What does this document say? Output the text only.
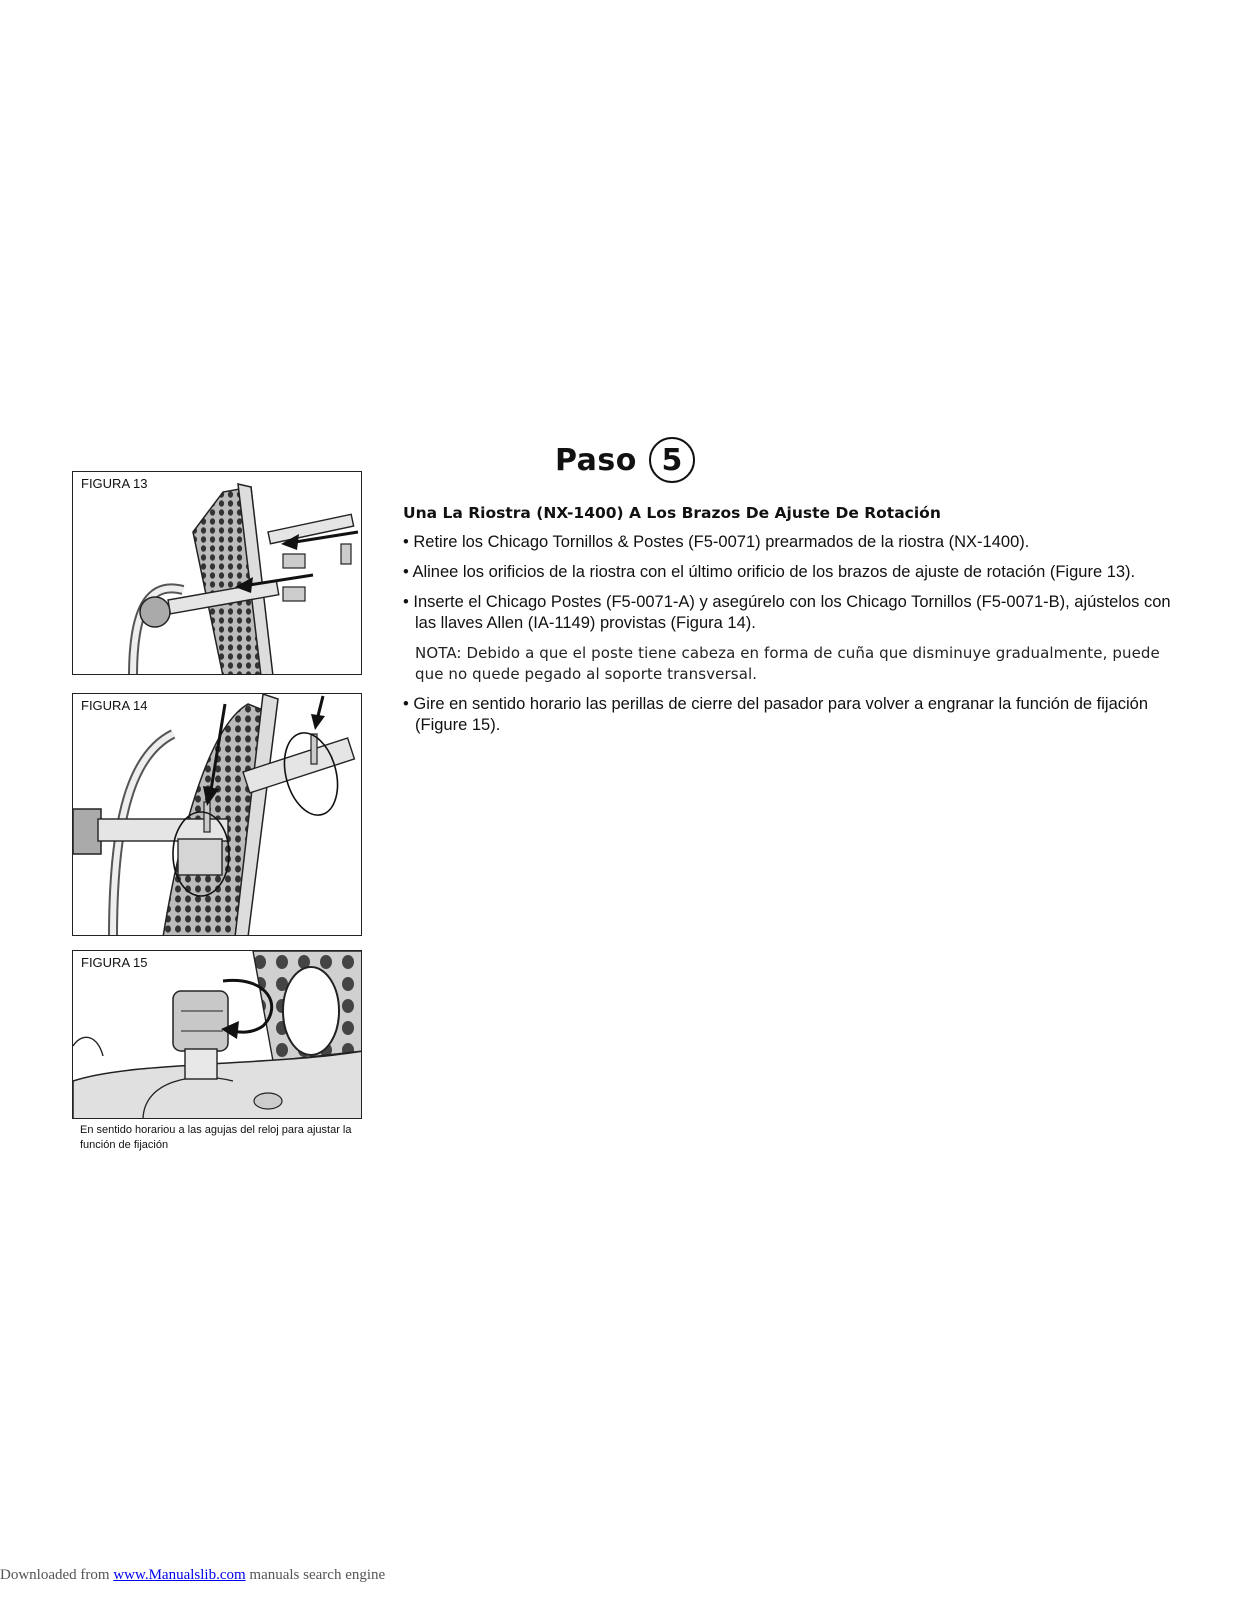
Paso 5
FIGURA 13
FIGURA 14
FIGURA 15
En sentido horariou a las agujas del reloj para ajustar la función de fijación

Una La Riostra (NX-1400) A Los Brazos De Ajuste De Rotación

• Retire los Chicago Tornillos & Postes (F5-0071) prearmados de la riostra (NX-1400).

• Alinee los orificios de la riostra con el último orificio de los brazos de ajuste de rotación (Figure 13).

• Inserte el Chicago Postes (F5-0071-A) y asegúrelo con los Chicago Tornillos (F5-0071-B), ajústelos con las llaves Allen (IA-1149) provistas (Figura 14).

NOTA: Debido a que el poste tiene cabeza en forma de cuña que disminuye gradualmente, puede que no quede pegado al soporte transversal.

• Gire en sentido horario las perillas de cierre del pasador para volver a engranar la función de fijación (Figure 15).

Downloaded from www.Manualslib.com manuals search engine
